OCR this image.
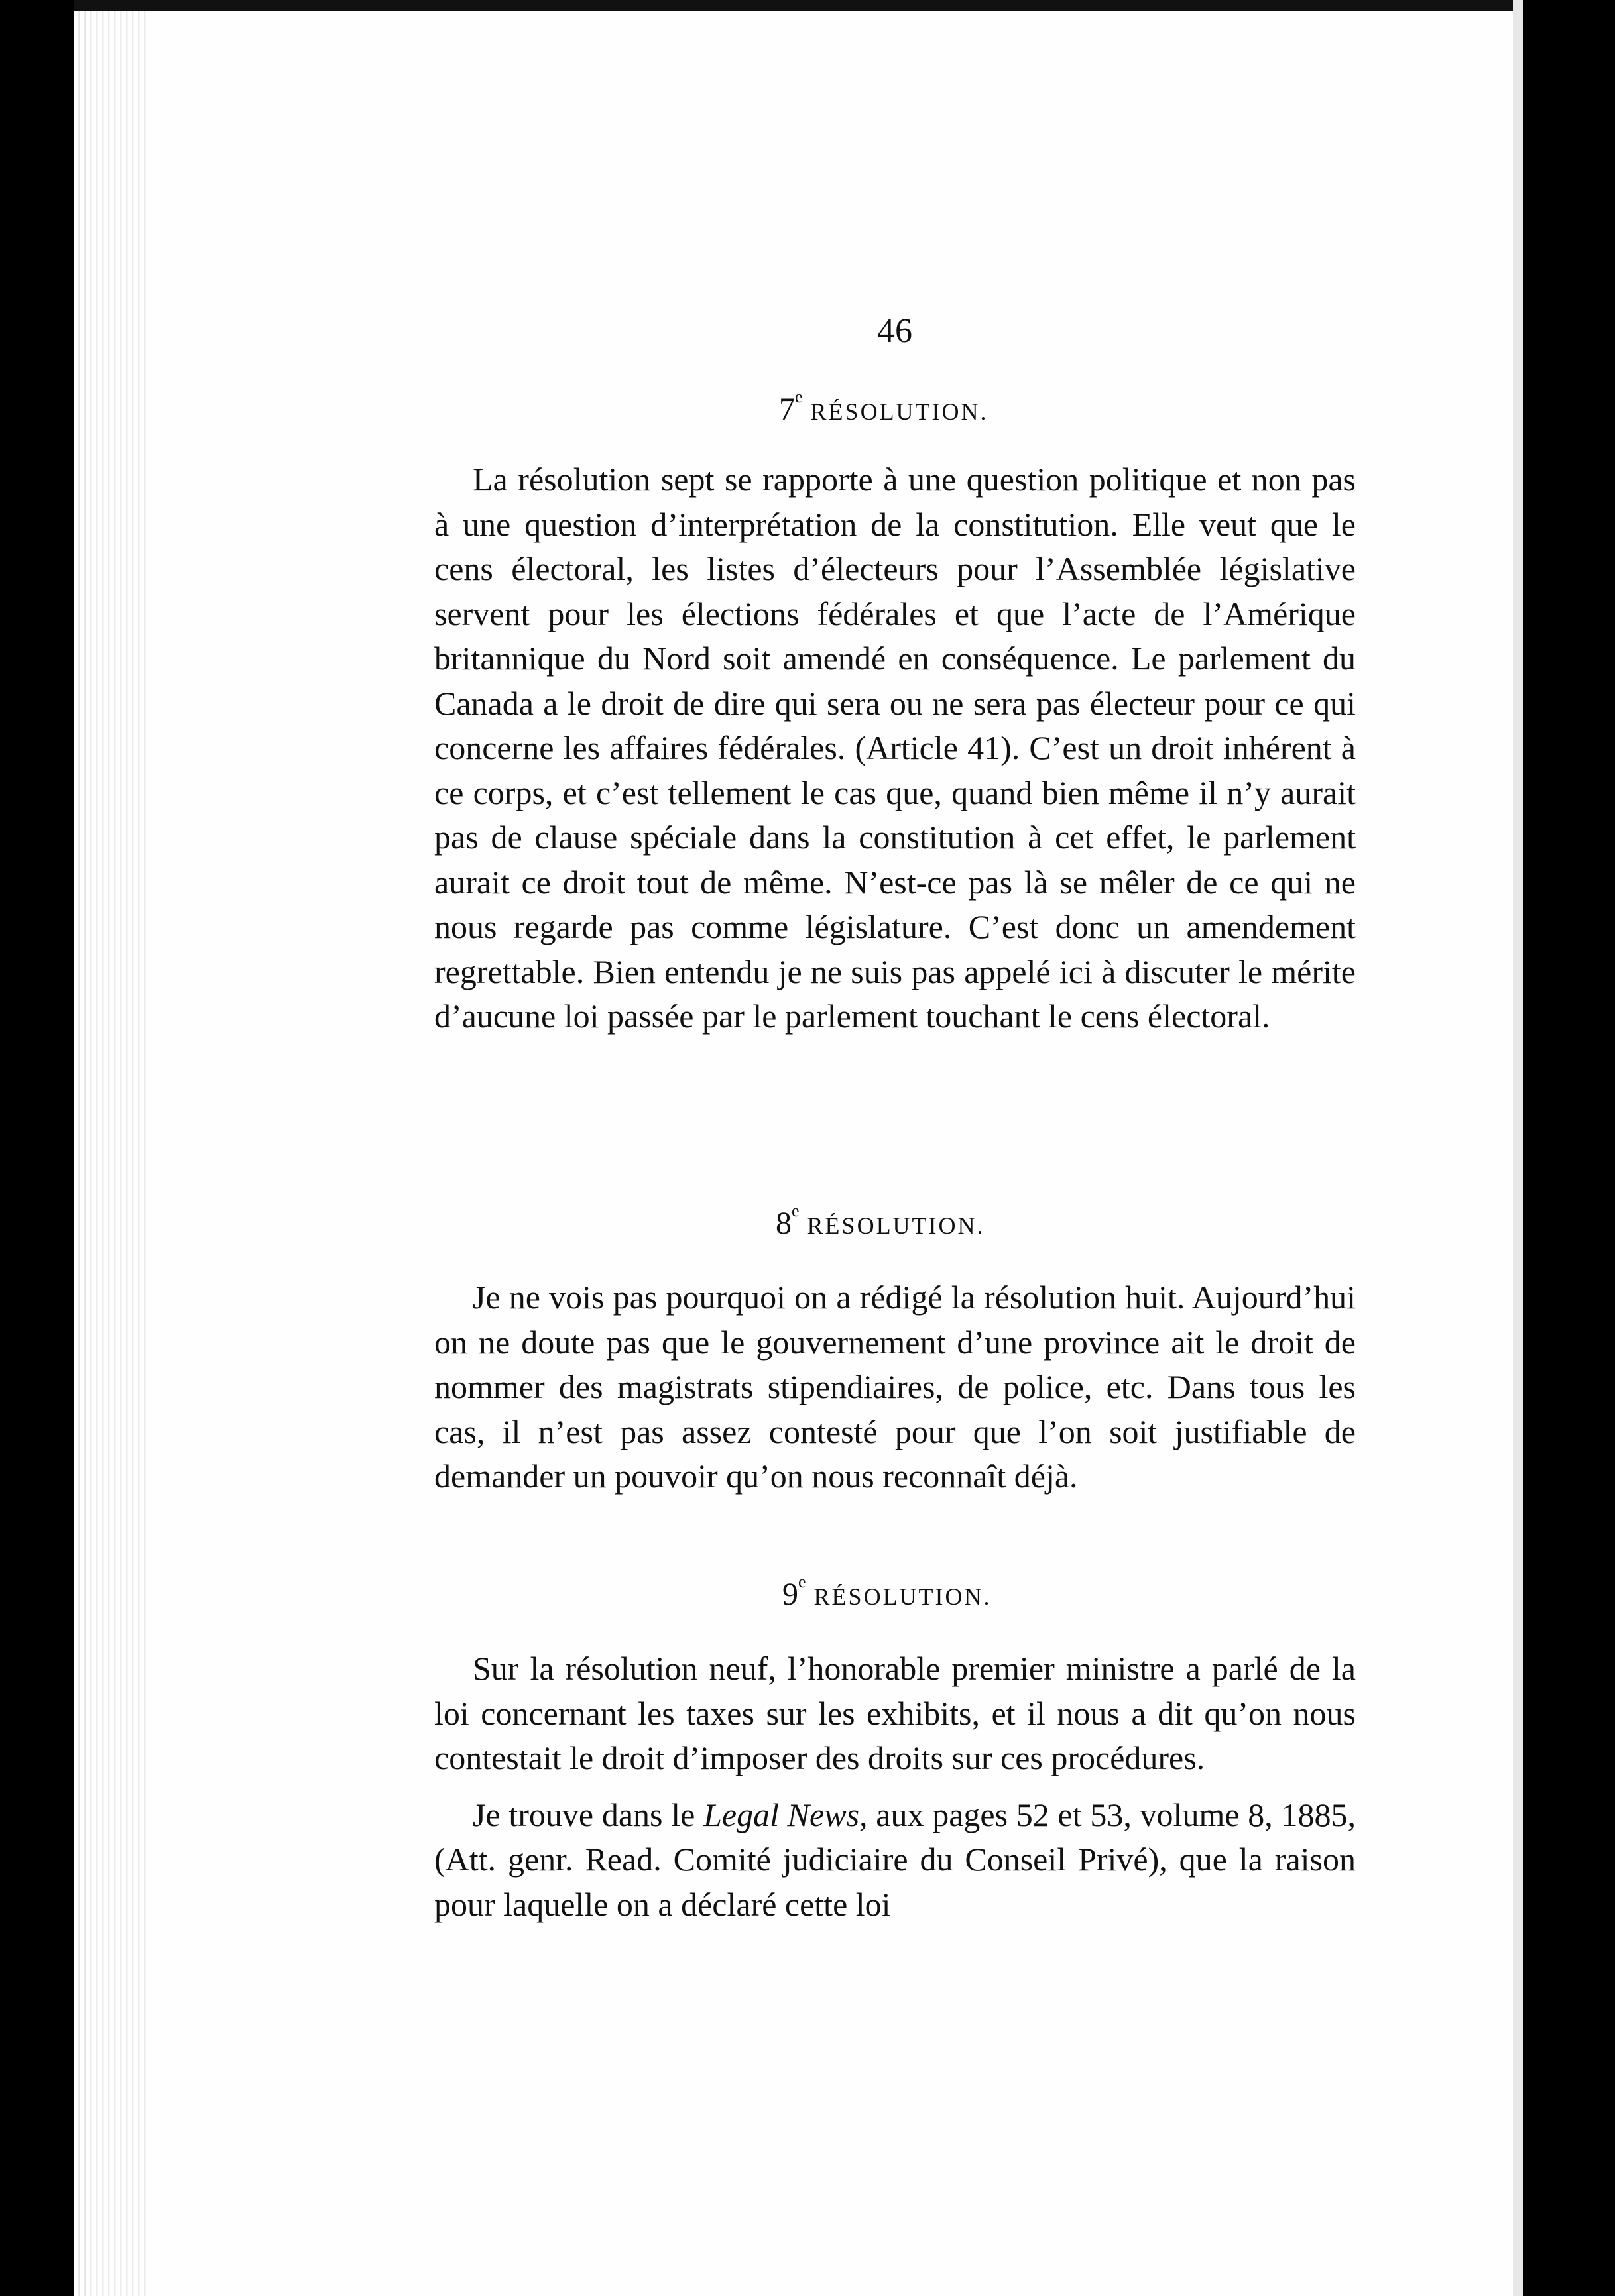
46
7e RÉSOLUTION.

La résolution sept se rapporte à une question politique et non pas à une question d’interprétation de la constitution. Elle veut que le cens électoral, les listes d’électeurs pour l’Assemblée législative servent pour les élections fédérales et que l’acte de l’Amérique britannique du Nord soit amendé en conséquence. Le parlement du Canada a le droit de dire qui sera ou ne sera pas électeur pour ce qui concerne les affaires fédérales. (Article 41). C’est un droit inhérent à ce corps, et c’est tellement le cas que, quand bien même il n’y aurait pas de clause spéciale dans la constitution à cet effet, le parlement aurait ce droit tout de même. N’est-ce pas là se mêler de ce qui ne nous regarde pas comme législature. C’est donc un amendement regrettable. Bien entendu je ne suis pas appelé ici à discuter le mérite d’aucune loi passée par le parlement touchant le cens électoral.

8e RÉSOLUTION.

Je ne vois pas pourquoi on a rédigé la résolution huit. Aujourd’hui on ne doute pas que le gouvernement d’une province ait le droit de nommer des magistrats stipendiaires, de police, etc. Dans tous les cas, il n’est pas assez contesté pour que l’on soit justifiable de demander un pouvoir qu’on nous reconnaît déjà.

9e RÉSOLUTION.

Sur la résolution neuf, l’honorable premier ministre a parlé de la loi concernant les taxes sur les exhibits, et il nous a dit qu’on nous contestait le droit d’imposer des droits sur ces procédures.

Je trouve dans le Legal News, aux pages 52 et 53, volume 8, 1885, (Att. genr. Read. Comité judiciaire du Conseil Privé), que la raison pour laquelle on a déclaré cette loi
